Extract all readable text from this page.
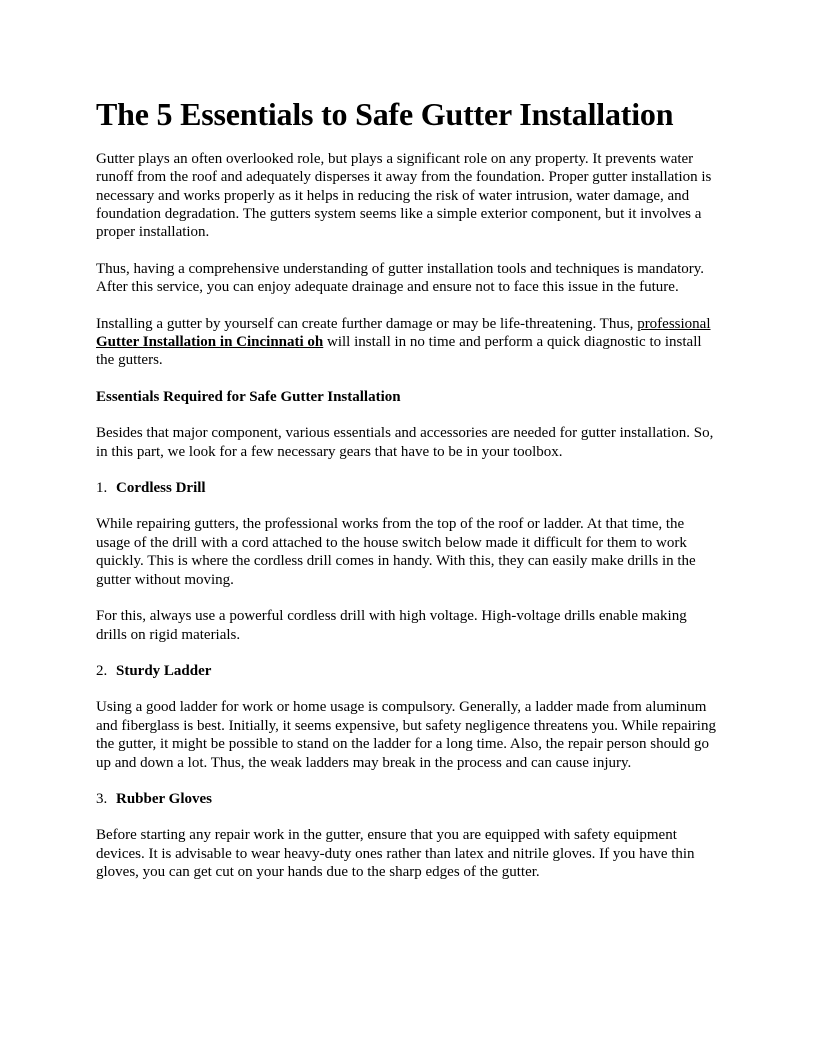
The 5 Essentials to Safe Gutter Installation

Gutter plays an often overlooked role, but plays a significant role on any property. It prevents water runoff from the roof and adequately disperses it away from the foundation. Proper gutter installation is necessary and works properly as it helps in reducing the risk of water intrusion, water damage, and foundation degradation. The gutters system seems like a simple exterior component, but it involves a proper installation.

Thus, having a comprehensive understanding of gutter installation tools and techniques is mandatory. After this service, you can enjoy adequate drainage and ensure not to face this issue in the future.

Installing a gutter by yourself can create further damage or may be life-threatening. Thus, professional Gutter Installation in Cincinnati oh will install in no time and perform a quick diagnostic to install the gutters.

Essentials Required for Safe Gutter Installation

Besides that major component, various essentials and accessories are needed for gutter installation. So, in this part, we look for a few necessary gears that have to be in your toolbox.

1. Cordless Drill

While repairing gutters, the professional works from the top of the roof or ladder. At that time, the usage of the drill with a cord attached to the house switch below made it difficult for them to work quickly. This is where the cordless drill comes in handy. With this, they can easily make drills in the gutter without moving.

For this, always use a powerful cordless drill with high voltage. High-voltage drills enable making drills on rigid materials.

2. Sturdy Ladder

Using a good ladder for work or home usage is compulsory. Generally, a ladder made from aluminum and fiberglass is best. Initially, it seems expensive, but safety negligence threatens you. While repairing the gutter, it might be possible to stand on the ladder for a long time. Also, the repair person should go up and down a lot. Thus, the weak ladders may break in the process and can cause injury.

3. Rubber Gloves

Before starting any repair work in the gutter, ensure that you are equipped with safety equipment devices. It is advisable to wear heavy-duty ones rather than latex and nitrile gloves. If you have thin gloves, you can get cut on your hands due to the sharp edges of the gutter.
